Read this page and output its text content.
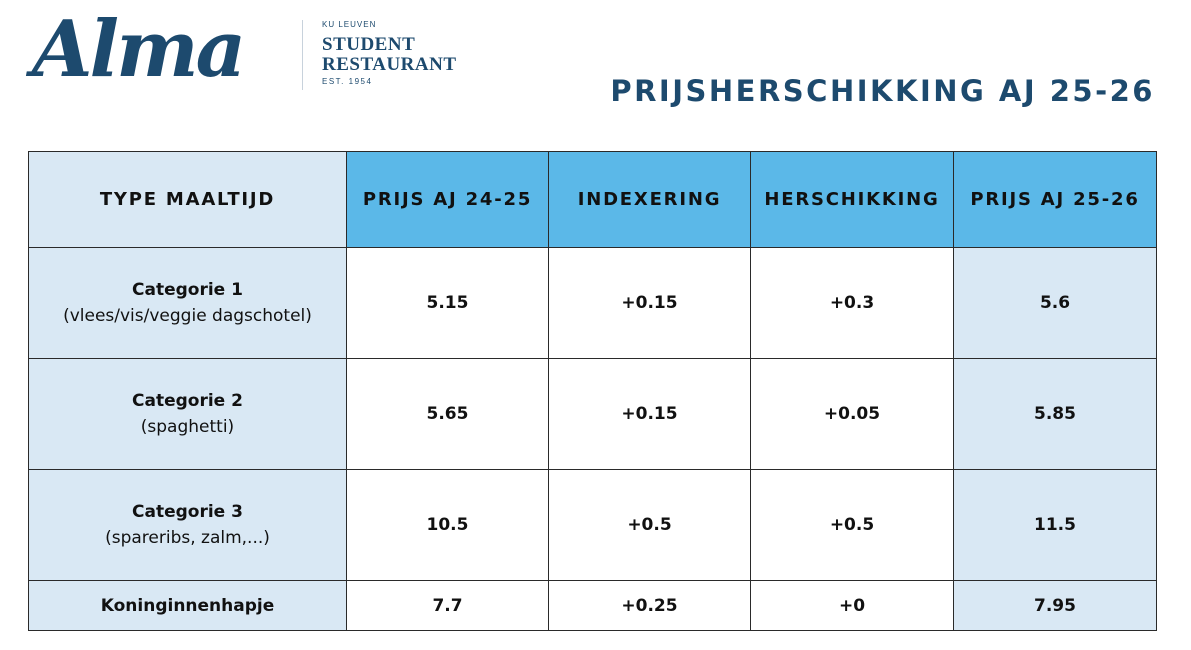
Alma	KU LEUVEN
STUDENT
RESTAURANT
EST. 1954	PRIJSHERSCHIKKING AJ 25-26
TYPE MAALTIJD	PRIJS AJ 24-25	INDEXERING	HERSCHIKKING	PRIJS AJ 25-26

Categorie 1
(vlees/vis/veggie dagschotel)	5.15	+0.15	+0.3	5.6

Categorie 2
(spaghetti)	5.65	+0.15	+0.05	5.85

Categorie 3
(spareribs, zalm,...)	10.5	+0.5	+0.5	11.5

Koninginnenhapje	7.7	+0.25	+0	7.95
